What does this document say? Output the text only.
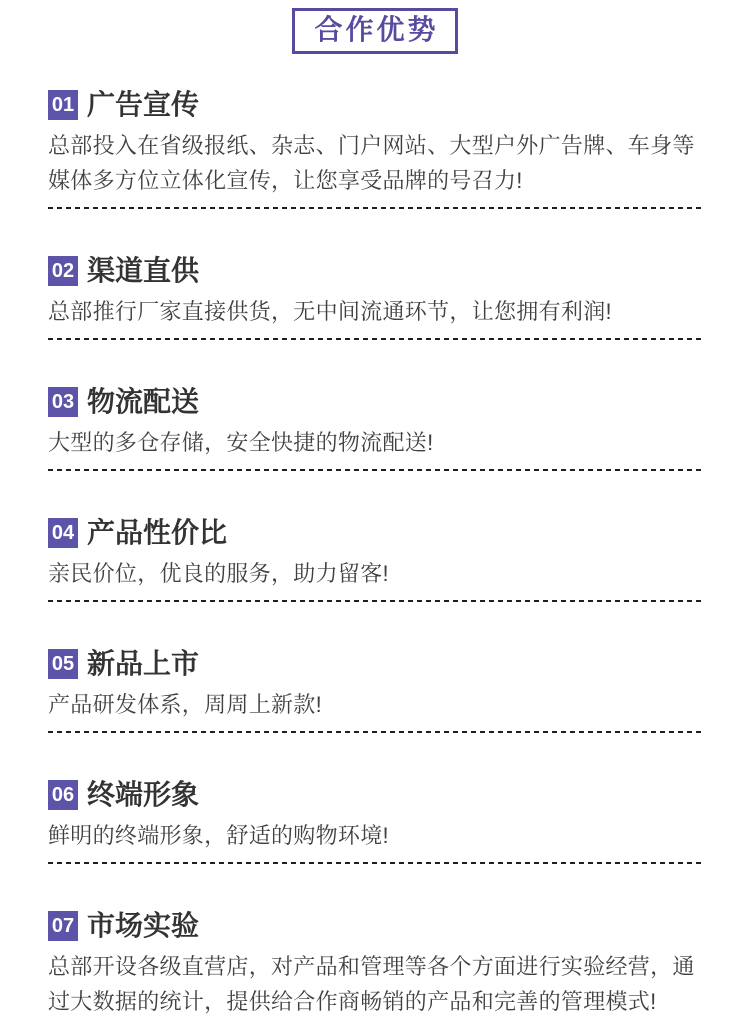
合作优势
01 广告宣传
总部投入在省级报纸、杂志、门户网站、大型户外广告牌、车身等媒体多方位立体化宣传，让您享受品牌的号召力!
02 渠道直供
总部推行厂家直接供货，无中间流通环节，让您拥有利润!
03 物流配送
大型的多仓存储，安全快捷的物流配送!
04 产品性价比
亲民价位，优良的服务，助力留客!
05 新品上市
产品研发体系，周周上新款!
06 终端形象
鲜明的终端形象，舒适的购物环境!
07 市场实验
总部开设各级直营店，对产品和管理等各个方面进行实验经营，通过大数据的统计，提供给合作商畅销的产品和完善的管理模式!
